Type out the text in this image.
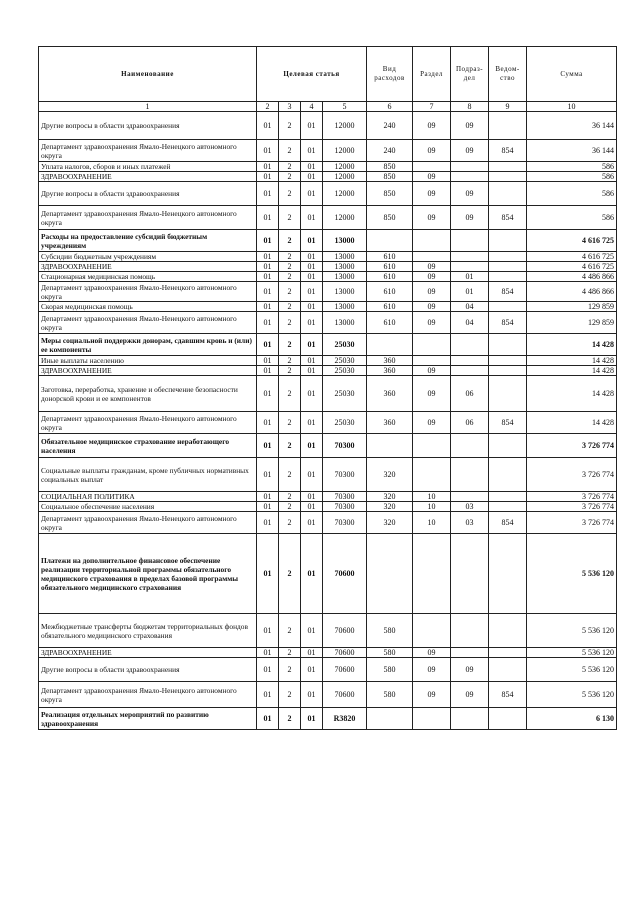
Наименование	Целевая статья				Вид расходов	Раздел	Подраз- дел	Ведом- ство	Сумма
1	2	3	4	5	6	7	8	9	10
Другие вопросы в области здравоохранения	01	2	01	12000	240	09	09		36 144
Департамент здравоохранения Ямало-Ненецкого автономного округа	01	2	01	12000	240	09	09	854	36 144
Уплата налогов, сборов и иных платежей	01	2	01	12000	850				586
ЗДРАВООХРАНЕНИЕ	01	2	01	12000	850	09			586
Другие вопросы в области здравоохранения	01	2	01	12000	850	09	09		586
Департамент здравоохранения Ямало-Ненецкого автономного округа	01	2	01	12000	850	09	09	854	586
Расходы на предоставление субсидий бюджетным учреждениям	01	2	01	13000					4 616 725
Субсидии бюджетным учреждениям	01	2	01	13000	610				4 616 725
ЗДРАВООХРАНЕНИЕ	01	2	01	13000	610	09			4 616 725
Стационарная медицинская помощь	01	2	01	13000	610	09	01		4 486 866
Департамент здравоохранения Ямало-Ненецкого автономного округа	01	2	01	13000	610	09	01	854	4 486 866
Скорая медицинская помощь	01	2	01	13000	610	09	04		129 859
Департамент здравоохранения Ямало-Ненецкого автономного округа	01	2	01	13000	610	09	04	854	129 859
Меры социальной поддержки донорам, сдавшим кровь и (или) ее компоненты	01	2	01	25030					14 428
Иные выплаты населению	01	2	01	25030	360				14 428
ЗДРАВООХРАНЕНИЕ	01	2	01	25030	360	09			14 428
Заготовка, переработка, хранение и обеспечение безопасности донорской крови и ее компонентов	01	2	01	25030	360	09	06		14 428
Департамент здравоохранения Ямало-Ненецкого автономного округа	01	2	01	25030	360	09	06	854	14 428
Обязательное медицинское страхование неработающего населения	01	2	01	70300					3 726 774
Социальные выплаты гражданам, кроме публичных нормативных социальных выплат	01	2	01	70300	320				3 726 774
СОЦИАЛЬНАЯ ПОЛИТИКА	01	2	01	70300	320	10			3 726 774
Социальное обеспечение населения	01	2	01	70300	320	10	03		3 726 774
Департамент здравоохранения Ямало-Ненецкого автономного округа	01	2	01	70300	320	10	03	854	3 726 774
Платежи на дополнительное финансовое обеспечение реализации территориальной программы обязательного медицинского страхования в пределах базовой программы обязательного медицинского страхования	01	2	01	70600					5 536 120
Межбюджетные трансферты бюджетам территориальных фондов обязательного медицинского страхования	01	2	01	70600	580				5 536 120
ЗДРАВООХРАНЕНИЕ	01	2	01	70600	580	09			5 536 120
Другие вопросы в области здравоохранения	01	2	01	70600	580	09	09		5 536 120
Департамент здравоохранения Ямало-Ненецкого автономного округа	01	2	01	70600	580	09	09	854	5 536 120
Реализация отдельных мероприятий по развитию здравоохранения	01	2	01	R3820					6 130
